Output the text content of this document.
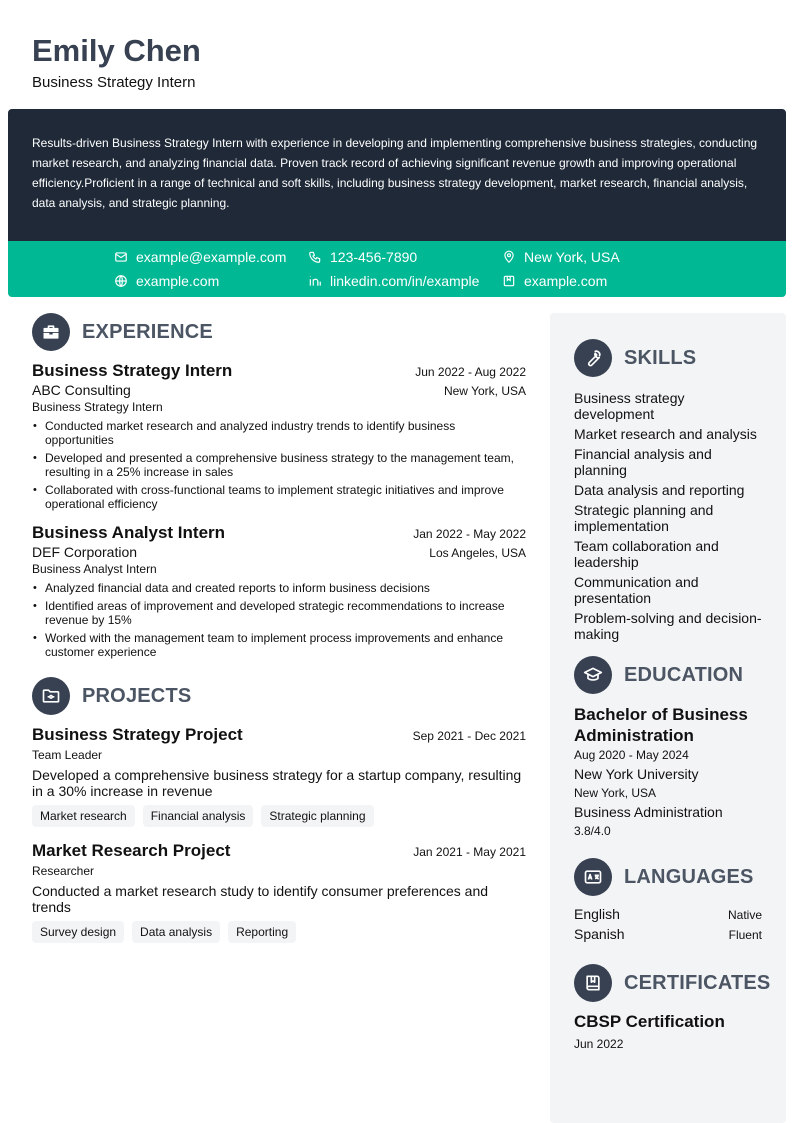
Emily Chen
Business Strategy Intern

Results-driven Business Strategy Intern with experience in developing and implementing comprehensive business strategies, conducting market research, and analyzing financial data. Proven track record of achieving significant revenue growth and improving operational efficiency.Proficient in a range of technical and soft skills, including business strategy development, market research, financial analysis, data analysis, and strategic planning.

example@example.com	123-456-7890	New York, USA
example.com	linkedin.com/in/example	example.com
EXPERIENCE
Business Strategy Intern	Jun 2022 - Aug 2022
ABC Consulting	New York, USA
Business Strategy Intern
• Conducted market research and analyzed industry trends to identify business opportunities
• Developed and presented a comprehensive business strategy to the management team, resulting in a 25% increase in sales
• Collaborated with cross-functional teams to implement strategic initiatives and improve operational efficiency
Business Analyst Intern	Jan 2022 - May 2022
DEF Corporation	Los Angeles, USA
Business Analyst Intern
• Analyzed financial data and created reports to inform business decisions
• Identified areas of improvement and developed strategic recommendations to increase revenue by 15%
• Worked with the management team to implement process improvements and enhance customer experience
PROJECTS
Business Strategy Project	Sep 2021 - Dec 2021
Team Leader
Developed a comprehensive business strategy for a startup company, resulting in a 30% increase in revenue
Market research	Financial analysis	Strategic planning
Market Research Project	Jan 2021 - May 2021
Researcher
Conducted a market research study to identify consumer preferences and trends
Survey design	Data analysis	Reporting
SKILLS
Business strategy development
Market research and analysis
Financial analysis and planning
Data analysis and reporting
Strategic planning and implementation
Team collaboration and leadership
Communication and presentation
Problem-solving and decision-making
EDUCATION
Bachelor of Business Administration
Aug 2020 - May 2024
New York University
New York, USA
Business Administration
3.8/4.0
LANGUAGES
English	Native
Spanish	Fluent
CERTIFICATES
CBSP Certification
Jun 2022
